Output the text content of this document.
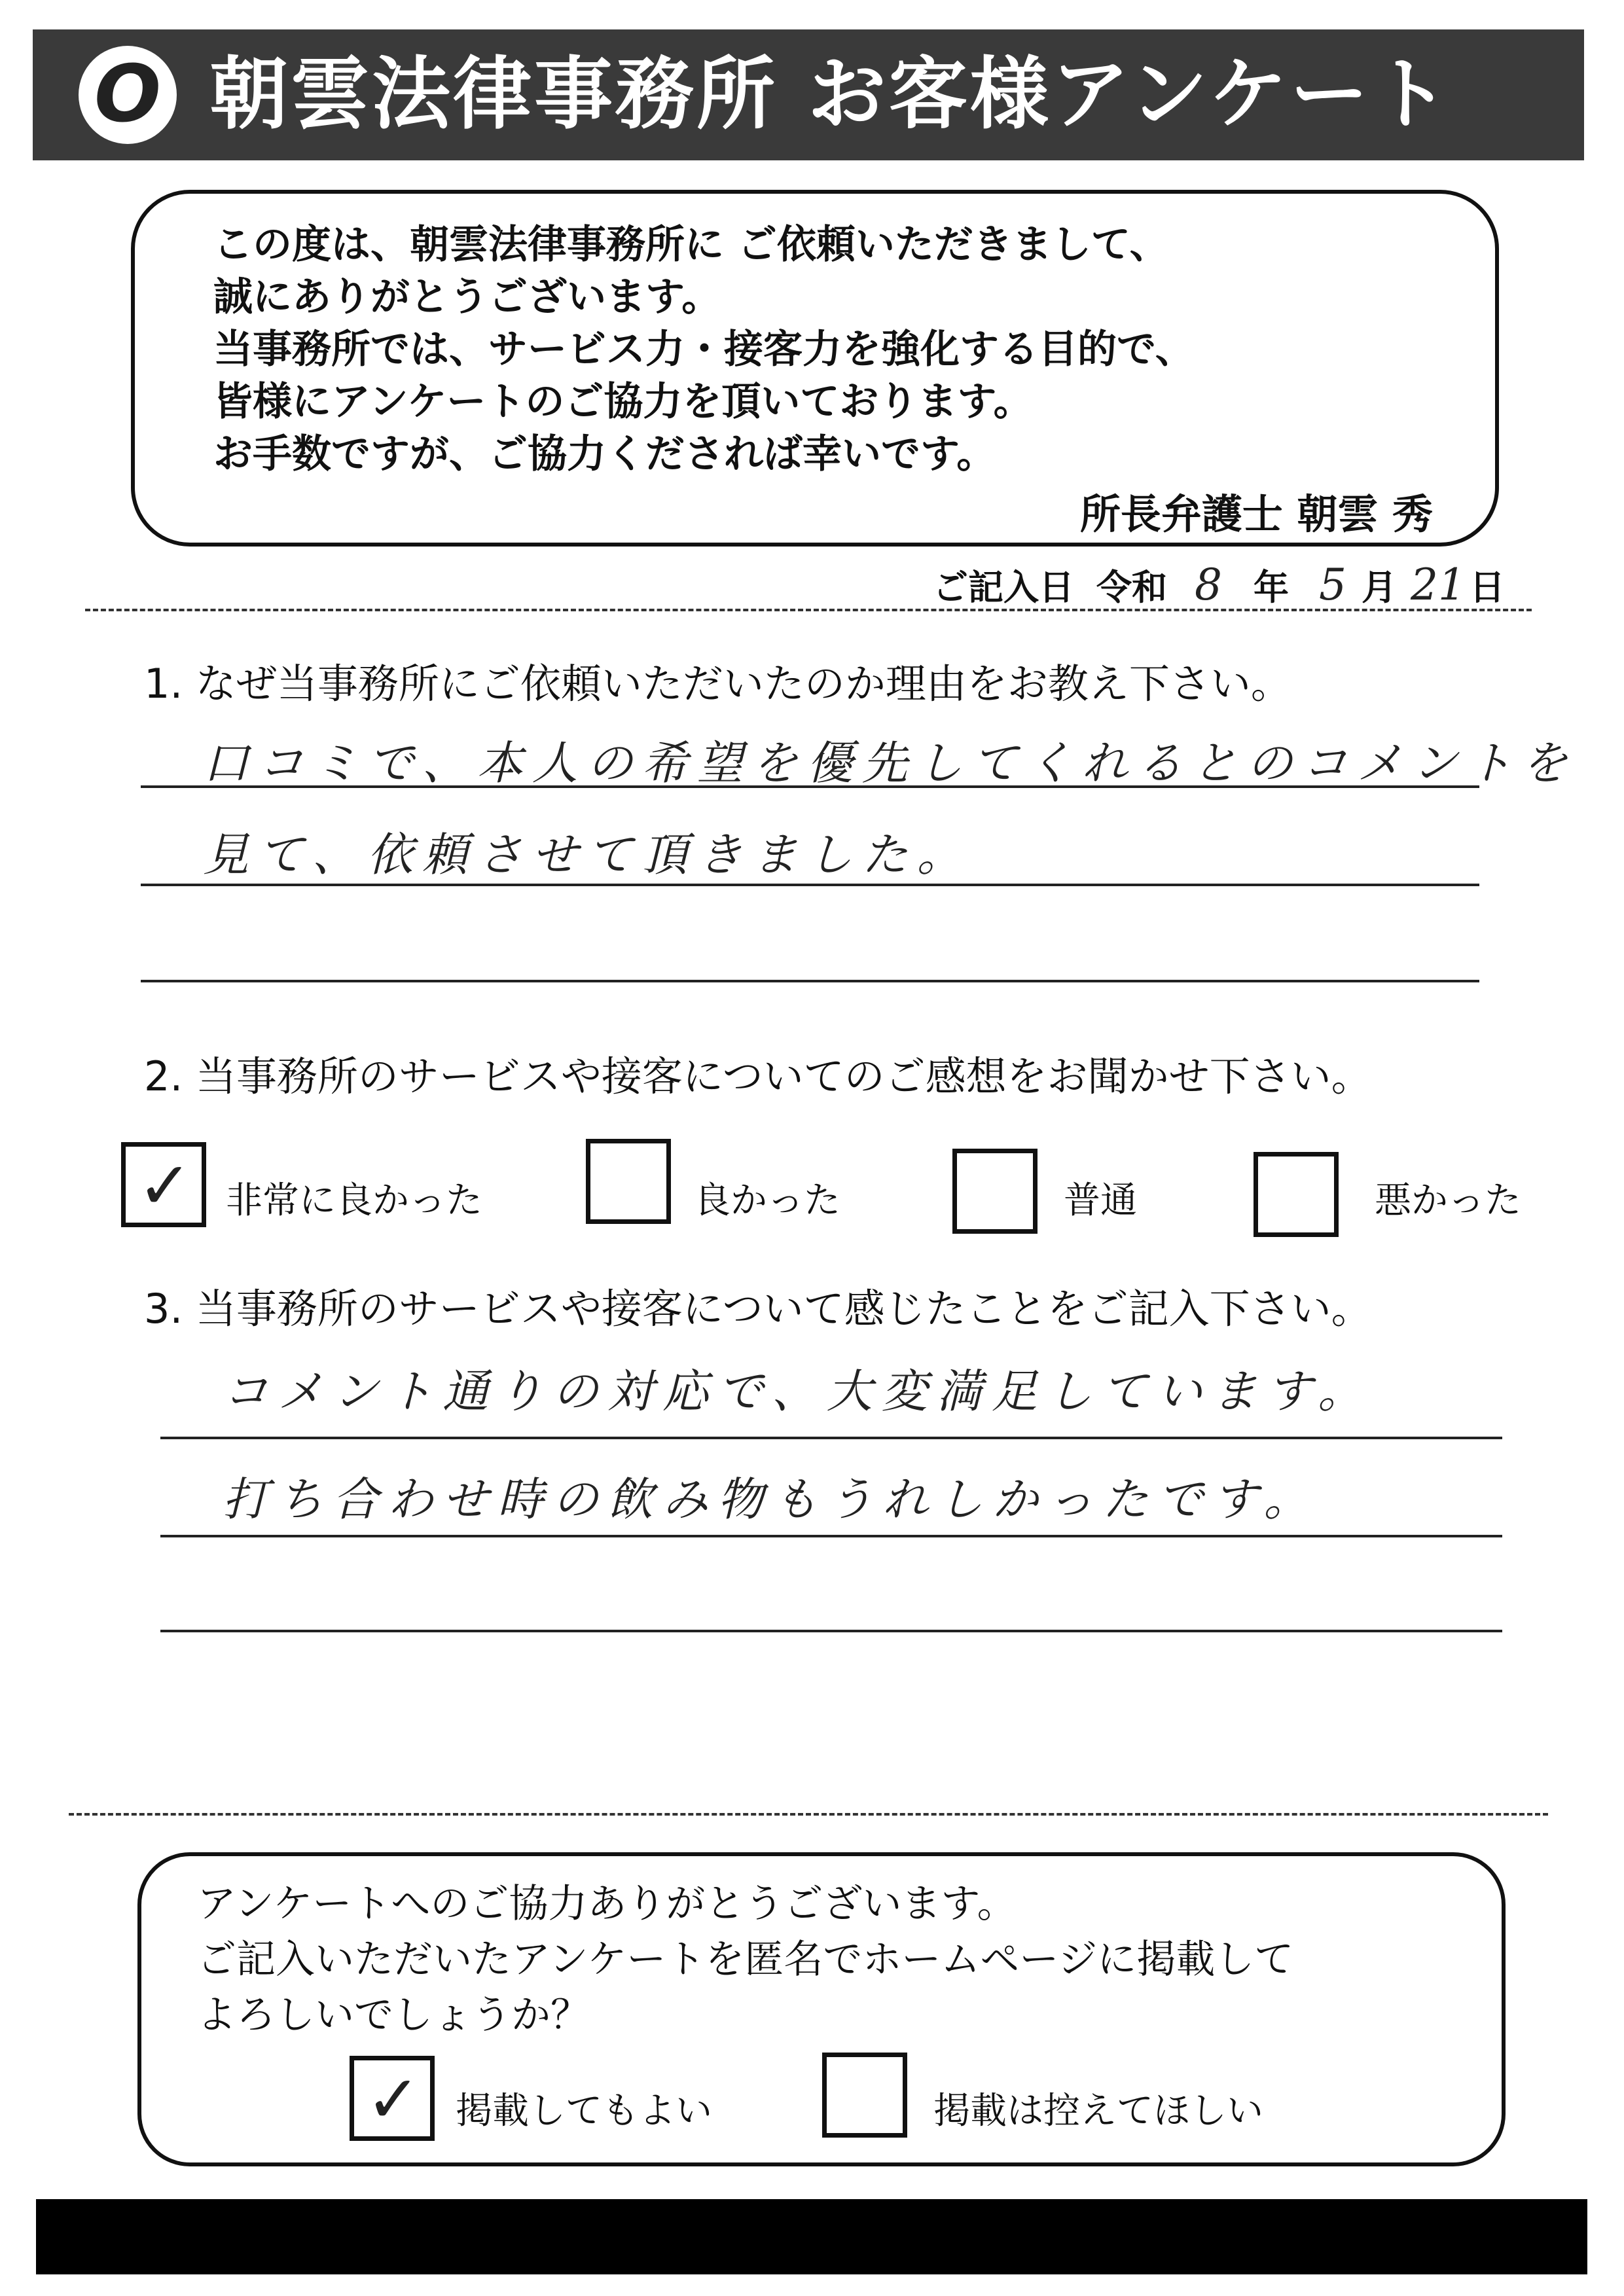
O 朝雲法律事務所 お客様アンケート
この度は、朝雲法律事務所に ご依頼いただきまして、
誠にありがとうございます。
当事務所では、サービス力・接客力を強化する目的で、
皆様にアンケートのご協力を頂いております。
お手数ですが、ご協力くだされば幸いです。
所長弁護士 朝雲 秀
ご記入日 令和 8 年 5 月 21 日
1. なぜ当事務所にご依頼いただいたのか理由をお教え下さい。
口コミで、本人の希望を優先してくれるとのコメントを
見て、依頼させて頂きました。
2. 当事務所のサービスや接客についてのご感想をお聞かせ下さい。
✓ 非常に良かった	良かった	普通	悪かった
3. 当事務所のサービスや接客について感じたことをご記入下さい。
コメント通りの対応で、大変満足しています。
打ち合わせ時の飲み物もうれしかったです。
アンケートへのご協力ありがとうございます。
ご記入いただいたアンケートを匿名でホームページに掲載して
よろしいでしょうか？
✓ 掲載してもよい	掲載は控えてほしい
